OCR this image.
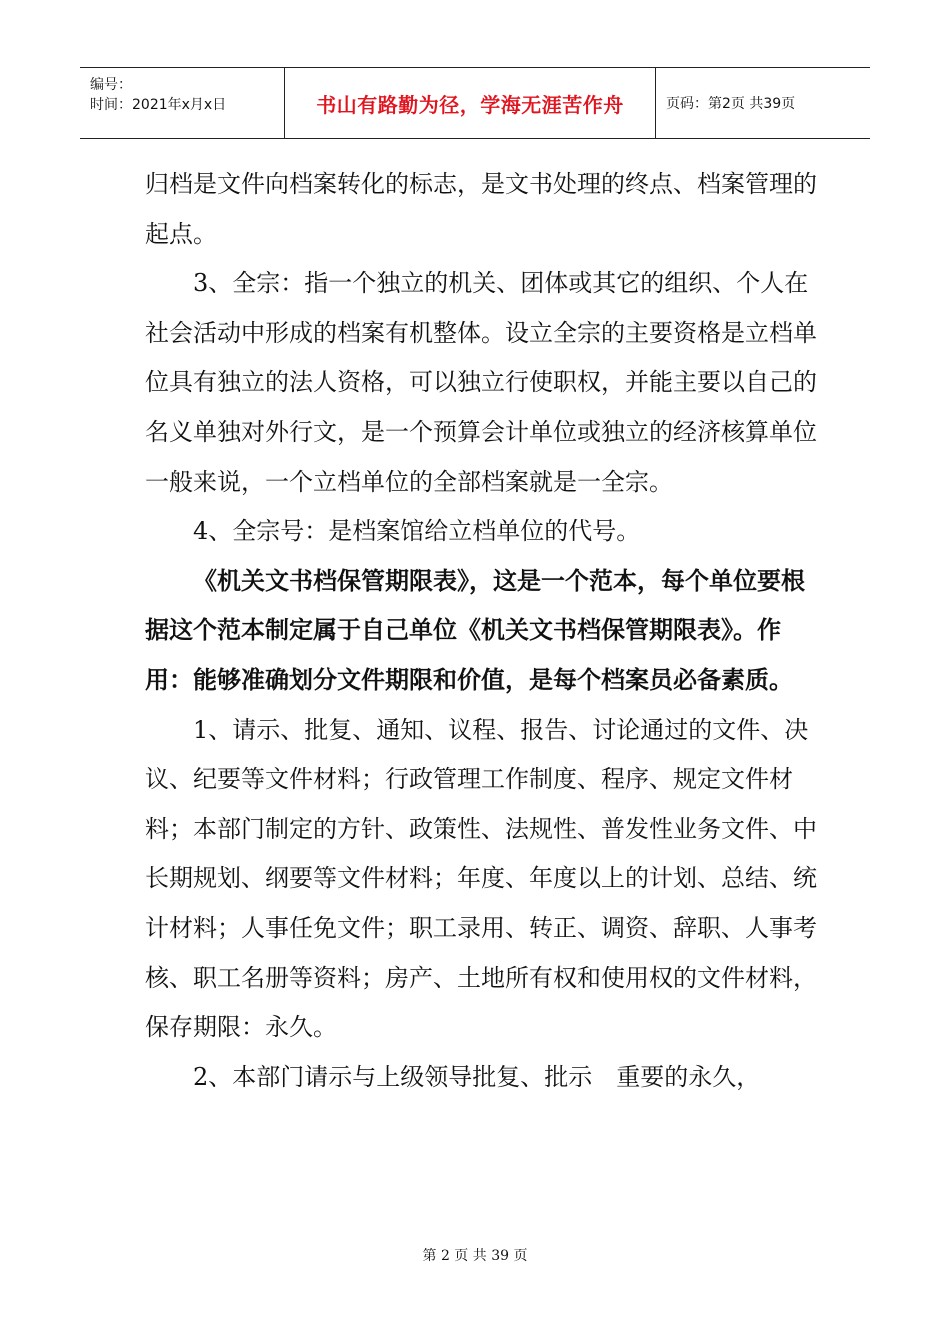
编号：
时间：2021年x月x日	书山有路勤为径，学海无涯苦作舟	页码：第2页 共39页

归档是文件向档案转化的标志，是文书处理的终点、档案管理的起点。

3、全宗：指一个独立的机关、团体或其它的组织、个人在社会活动中形成的档案有机整体。设立全宗的主要资格是立档单位具有独立的法人资格，可以独立行使职权，并能主要以自己的名义单独对外行文，是一个预算会计单位或独立的经济核算单位一般来说，一个立档单位的全部档案就是一全宗。

4、全宗号：是档案馆给立档单位的代号。

《机关文书档保管期限表》，这是一个范本，每个单位要根据这个范本制定属于自己单位《机关文书档保管期限表》。作用：能够准确划分文件期限和价值，是每个档案员必备素质。

1、请示、批复、通知、议程、报告、讨论通过的文件、决议、纪要等文件材料；行政管理工作制度、程序、规定文件材料；本部门制定的方针、政策性、法规性、普发性业务文件、中长期规划、纲要等文件材料；年度、年度以上的计划、总结、统计材料；人事任免文件；职工录用、转正、调资、辞职、人事考核、职工名册等资料；房产、土地所有权和使用权的文件材料，保存期限：永久。

2、本部门请示与上级领导批复、批示　重要的永久，

第 2 页 共 39 页
